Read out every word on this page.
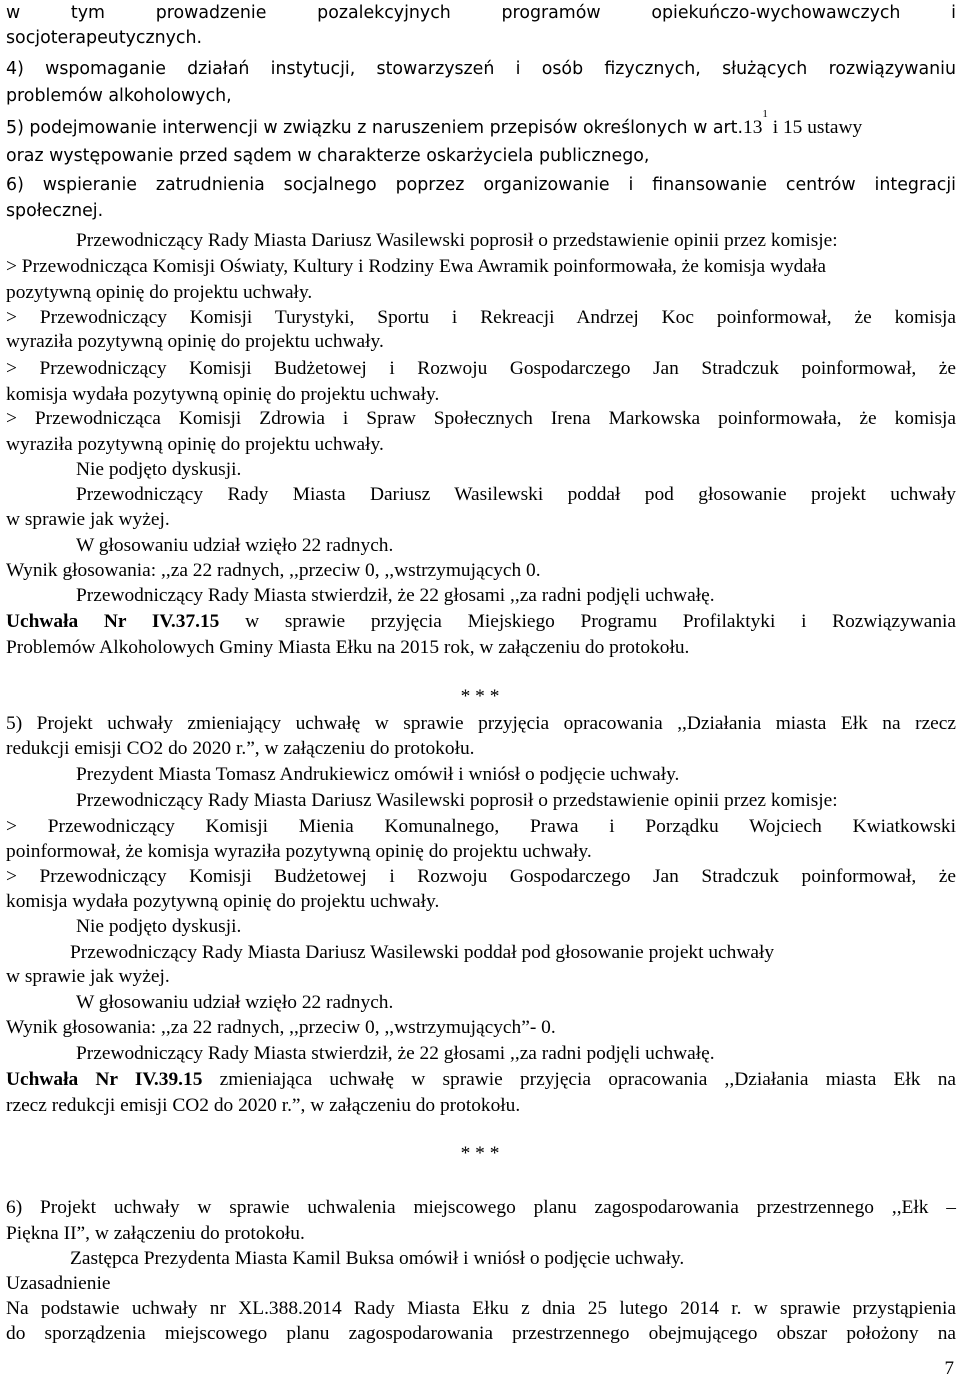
w tym prowadzenie pozalekcyjnych programów opiekuńczo-wychowawczych i
socjoterapeutycznych.
4) wspomaganie działań instytucji, stowarzyszeń i osób fizycznych, służących rozwiązywaniu
problemów alkoholowych,
5) podejmowanie interwencji w związku z naruszeniem przepisów określonych w $art.13^1$ i 15 ustawy
oraz występowanie przed sądem w charakterze oskarżyciela publicznego,
6) wspieranie zatrudnienia socjalnego poprzez organizowanie i finansowanie centrów integracji
społecznej.
Przewodniczący Rady Miasta Dariusz Wasilewski poprosił o przedstawienie opinii przez komisje:
> Przewodnicząca Komisji Oświaty, Kultury i Rodziny Ewa Awramik poinformowała, że komisja wydała
pozytywną opinię do projektu uchwały.
> Przewodniczący Komisji Turystyki, Sportu i Rekreacji Andrzej Koc poinformował, że komisja
wyraziła pozytywną opinię do projektu uchwały.
> Przewodniczący Komisji Budżetowej i Rozwoju Gospodarczego Jan Stradczuk poinformował, że
komisja wydała pozytywną opinię do projektu uchwały.
> Przewodnicząca Komisji Zdrowia i Spraw Społecznych Irena Markowska poinformowała, że komisja
wyraziła pozytywną opinię do projektu uchwały.
Nie podjęto dyskusji.
Przewodniczący Rady Miasta Dariusz Wasilewski poddał pod głosowanie projekt uchwały
w sprawie jak wyżej.
W głosowaniu udział wzięło 22 radnych.
Wynik głosowania: ,,za 22 radnych, ,,przeciw 0, ,,wstrzymujących 0.
Przewodniczący Rady Miasta stwierdził, że 22 głosami ,,za radni podjęli uchwałę.
Uchwała Nr IV.37.15 w sprawie przyjęcia Miejskiego Programu Profilaktyki i Rozwiązywania
Problemów Alkoholowych Gminy Miasta Ełku na 2015 rok, w załączeniu do protokołu.
* * *
5) Projekt uchwały zmieniający uchwałę w sprawie przyjęcia opracowania ,,Działania miasta Ełk na rzecz
redukcji emisji CO2 do 2020 r.”, w załączeniu do protokołu.
Prezydent Miasta Tomasz Andrukiewicz omówił i wniósł o podjęcie uchwały.
Przewodniczący Rady Miasta Dariusz Wasilewski poprosił o przedstawienie opinii przez komisje:
> Przewodniczący Komisji Mienia Komunalnego, Prawa i Porządku Wojciech Kwiatkowski
poinformował, że komisja wyraziła pozytywną opinię do projektu uchwały.
> Przewodniczący Komisji Budżetowej i Rozwoju Gospodarczego Jan Stradczuk poinformował, że
komisja wydała pozytywną opinię do projektu uchwały.
Nie podjęto dyskusji.
Przewodniczący Rady Miasta Dariusz Wasilewski poddał pod głosowanie projekt uchwały
w sprawie jak wyżej.
W głosowaniu udział wzięło 22 radnych.
Wynik głosowania: ,,za 22 radnych, ,,przeciw 0, ,,wstrzymujących”- 0.
Przewodniczący Rady Miasta stwierdził, że 22 głosami ,,za radni podjęli uchwałę.
Uchwała Nr IV.39.15 zmieniająca uchwałę w sprawie przyjęcia opracowania ,,Działania miasta Ełk na
rzecz redukcji emisji CO2 do 2020 r.”, w załączeniu do protokołu.
* * *
6) Projekt uchwały w sprawie uchwalenia miejscowego planu zagospodarowania przestrzennego ,,Ełk –
Piękna II”, w załączeniu do protokołu.
Zastępca Prezydenta Miasta Kamil Buksa omówił i wniósł o podjęcie uchwały.
Uzasadnienie
Na podstawie uchwały nr XL.388.2014 Rady Miasta Ełku z dnia 25 lutego 2014 r. w sprawie przystąpienia
do sporządzenia miejscowego planu zagospodarowania przestrzennego obejmującego obszar położony na
7
